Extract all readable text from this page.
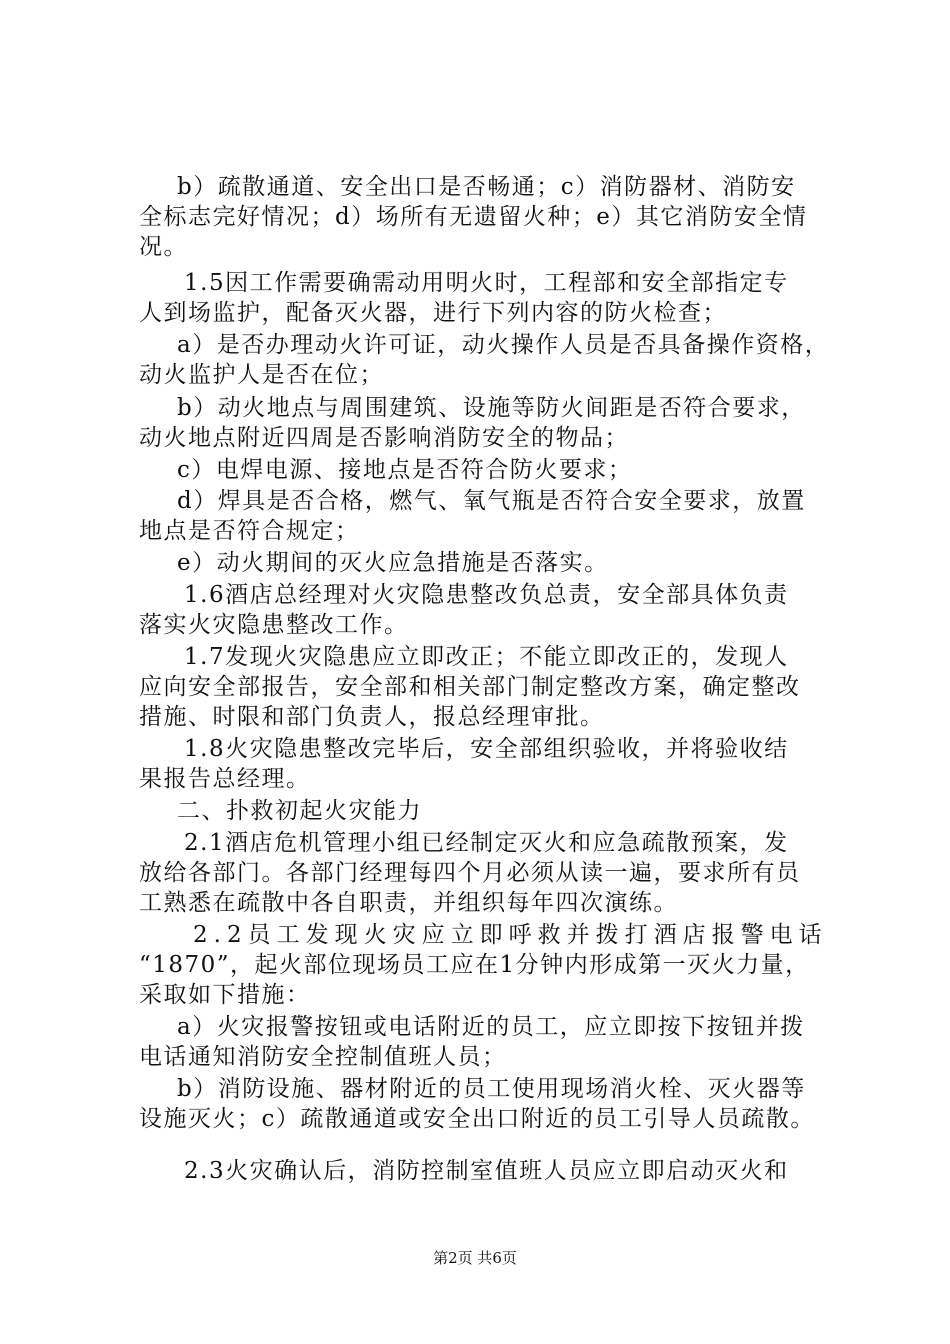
b）疏散通道、安全出口是否畅通；c）消防器材、消防安
全标志完好情况；d）场所有无遗留火种；e）其它消防安全情
况。
1.5因工作需要确需动用明火时，工程部和安全部指定专
人到场监护，配备灭火器，进行下列内容的防火检查；
a）是否办理动火许可证，动火操作人员是否具备操作资格，
动火监护人是否在位；
b）动火地点与周围建筑、设施等防火间距是否符合要求，
动火地点附近四周是否影响消防安全的物品；
c）电焊电源、接地点是否符合防火要求；
d）焊具是否合格，燃气、氧气瓶是否符合安全要求，放置
地点是否符合规定；
e）动火期间的灭火应急措施是否落实。
1.6酒店总经理对火灾隐患整改负总责，安全部具体负责
落实火灾隐患整改工作。
1.7发现火灾隐患应立即改正；不能立即改正的，发现人
应向安全部报告，安全部和相关部门制定整改方案，确定整改
措施、时限和部门负责人，报总经理审批。
1.8火灾隐患整改完毕后，安全部组织验收，并将验收结
果报告总经理。
二、扑救初起火灾能力
2.1酒店危机管理小组已经制定灭火和应急疏散预案，发
放给各部门。各部门经理每四个月必须从读一遍，要求所有员
工熟悉在疏散中各自职责，并组织每年四次演练。
2.2员工发现火灾应立即呼救并拨打酒店报警电话
“1870”，起火部位现场员工应在1分钟内形成第一灭火力量，
采取如下措施：
a）火灾报警按钮或电话附近的员工，应立即按下按钮并拨
电话通知消防安全控制值班人员；
b）消防设施、器材附近的员工使用现场消火栓、灭火器等
设施灭火；c）疏散通道或安全出口附近的员工引导人员疏散。
2.3火灾确认后，消防控制室值班人员应立即启动灭火和
第2页 共6页
